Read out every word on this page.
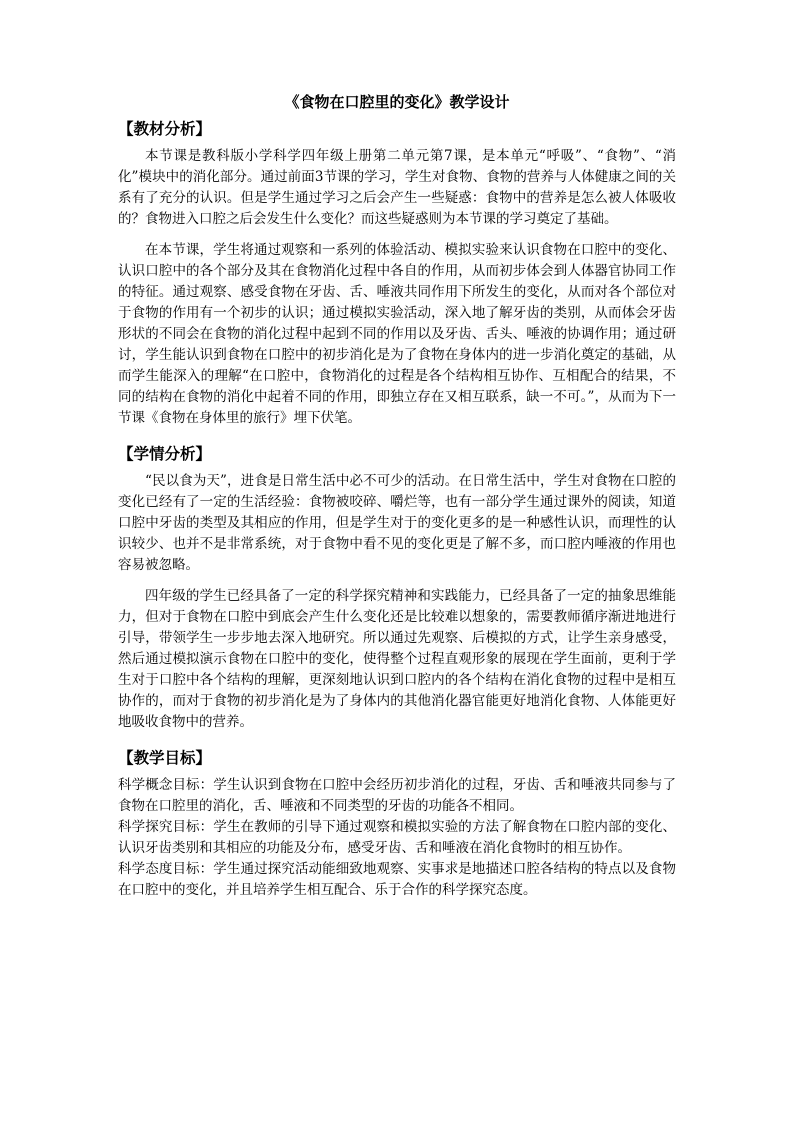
《食物在口腔里的变化》教学设计
【教材分析】

本节课是教科版小学科学四年级上册第二单元第7课，是本单元“呼吸”、“食物”、“消化”模块中的消化部分。通过前面3节课的学习，学生对食物、食物的营养与人体健康之间的关系有了充分的认识。但是学生通过学习之后会产生一些疑惑：食物中的营养是怎么被人体吸收的？食物进入口腔之后会发生什么变化？而这些疑惑则为本节课的学习奠定了基础。

在本节课，学生将通过观察和一系列的体验活动、模拟实验来认识食物在口腔中的变化、认识口腔中的各个部分及其在食物消化过程中各自的作用，从而初步体会到人体器官协同工作的特征。通过观察、感受食物在牙齿、舌、唾液共同作用下所发生的变化，从而对各个部位对于食物的作用有一个初步的认识；通过模拟实验活动，深入地了解牙齿的类别，从而体会牙齿形状的不同会在食物的消化过程中起到不同的作用以及牙齿、舌头、唾液的协调作用；通过研讨，学生能认识到食物在口腔中的初步消化是为了食物在身体内的进一步消化奠定的基础，从而学生能深入的理解“在口腔中，食物消化的过程是各个结构相互协作、互相配合的结果，不同的结构在食物的消化中起着不同的作用，即独立存在又相互联系，缺一不可。”，从而为下一节课《食物在身体里的旅行》埋下伏笔。

【学情分析】

“民以食为天”，进食是日常生活中必不可少的活动。在日常生活中，学生对食物在口腔的变化已经有了一定的生活经验：食物被咬碎、嚼烂等，也有一部分学生通过课外的阅读，知道口腔中牙齿的类型及其相应的作用，但是学生对于的变化更多的是一种感性认识，而理性的认识较少、也并不是非常系统，对于食物中看不见的变化更是了解不多，而口腔内唾液的作用也容易被忽略。

四年级的学生已经具备了一定的科学探究精神和实践能力，已经具备了一定的抽象思维能力，但对于食物在口腔中到底会产生什么变化还是比较难以想象的，需要教师循序渐进地进行引导，带领学生一步步地去深入地研究。所以通过先观察、后模拟的方式，让学生亲身感受，然后通过模拟演示食物在口腔中的变化，使得整个过程直观形象的展现在学生面前，更利于学生对于口腔中各个结构的理解，更深刻地认识到口腔内的各个结构在消化食物的过程中是相互协作的，而对于食物的初步消化是为了身体内的其他消化器官能更好地消化食物、人体能更好地吸收食物中的营养。

【教学目标】

科学概念目标：学生认识到食物在口腔中会经历初步消化的过程，牙齿、舌和唾液共同参与了食物在口腔里的消化，舌、唾液和不同类型的牙齿的功能各不相同。

科学探究目标：学生在教师的引导下通过观察和模拟实验的方法了解食物在口腔内部的变化、认识牙齿类别和其相应的功能及分布，感受牙齿、舌和唾液在消化食物时的相互协作。

科学态度目标：学生通过探究活动能细致地观察、实事求是地描述口腔各结构的特点以及食物在口腔中的变化，并且培养学生相互配合、乐于合作的科学探究态度。
